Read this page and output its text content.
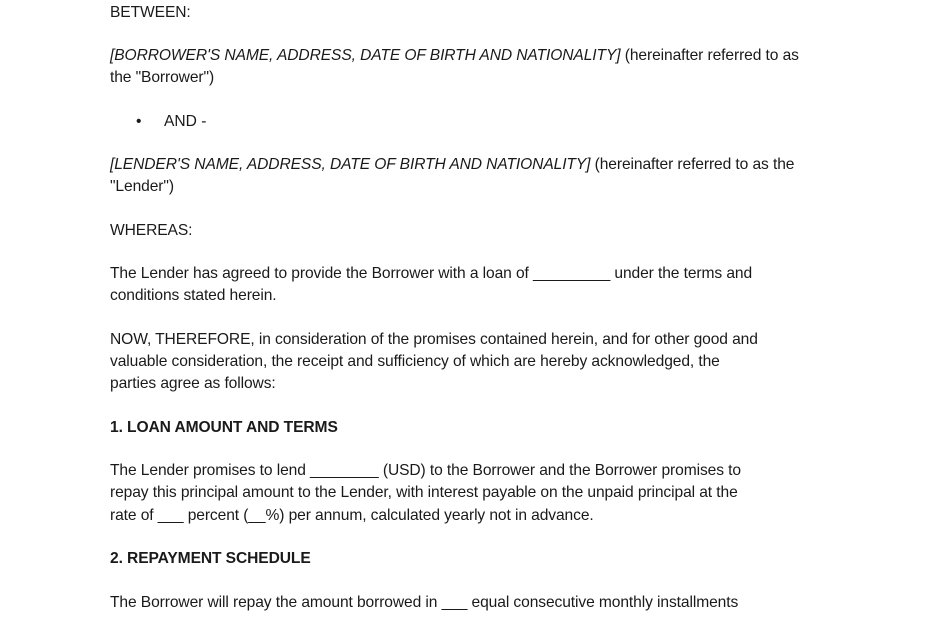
BETWEEN:
[BORROWER'S NAME, ADDRESS, DATE OF BIRTH AND NATIONALITY] (hereinafter referred to as
the "Borrower")
• AND -
[LENDER'S NAME, ADDRESS, DATE OF BIRTH AND NATIONALITY] (hereinafter referred to as the
"Lender")
WHEREAS:
The Lender has agreed to provide the Borrower with a loan of _________ under the terms and
conditions stated herein.
NOW, THEREFORE, in consideration of the promises contained herein, and for other good and
valuable consideration, the receipt and sufficiency of which are hereby acknowledged, the
parties agree as follows:
1. LOAN AMOUNT AND TERMS
The Lender promises to lend ________ (USD) to the Borrower and the Borrower promises to
repay this principal amount to the Lender, with interest payable on the unpaid principal at the
rate of ___ percent (__%) per annum, calculated yearly not in advance.
2. REPAYMENT SCHEDULE
The Borrower will repay the amount borrowed in ___ equal consecutive monthly installments
